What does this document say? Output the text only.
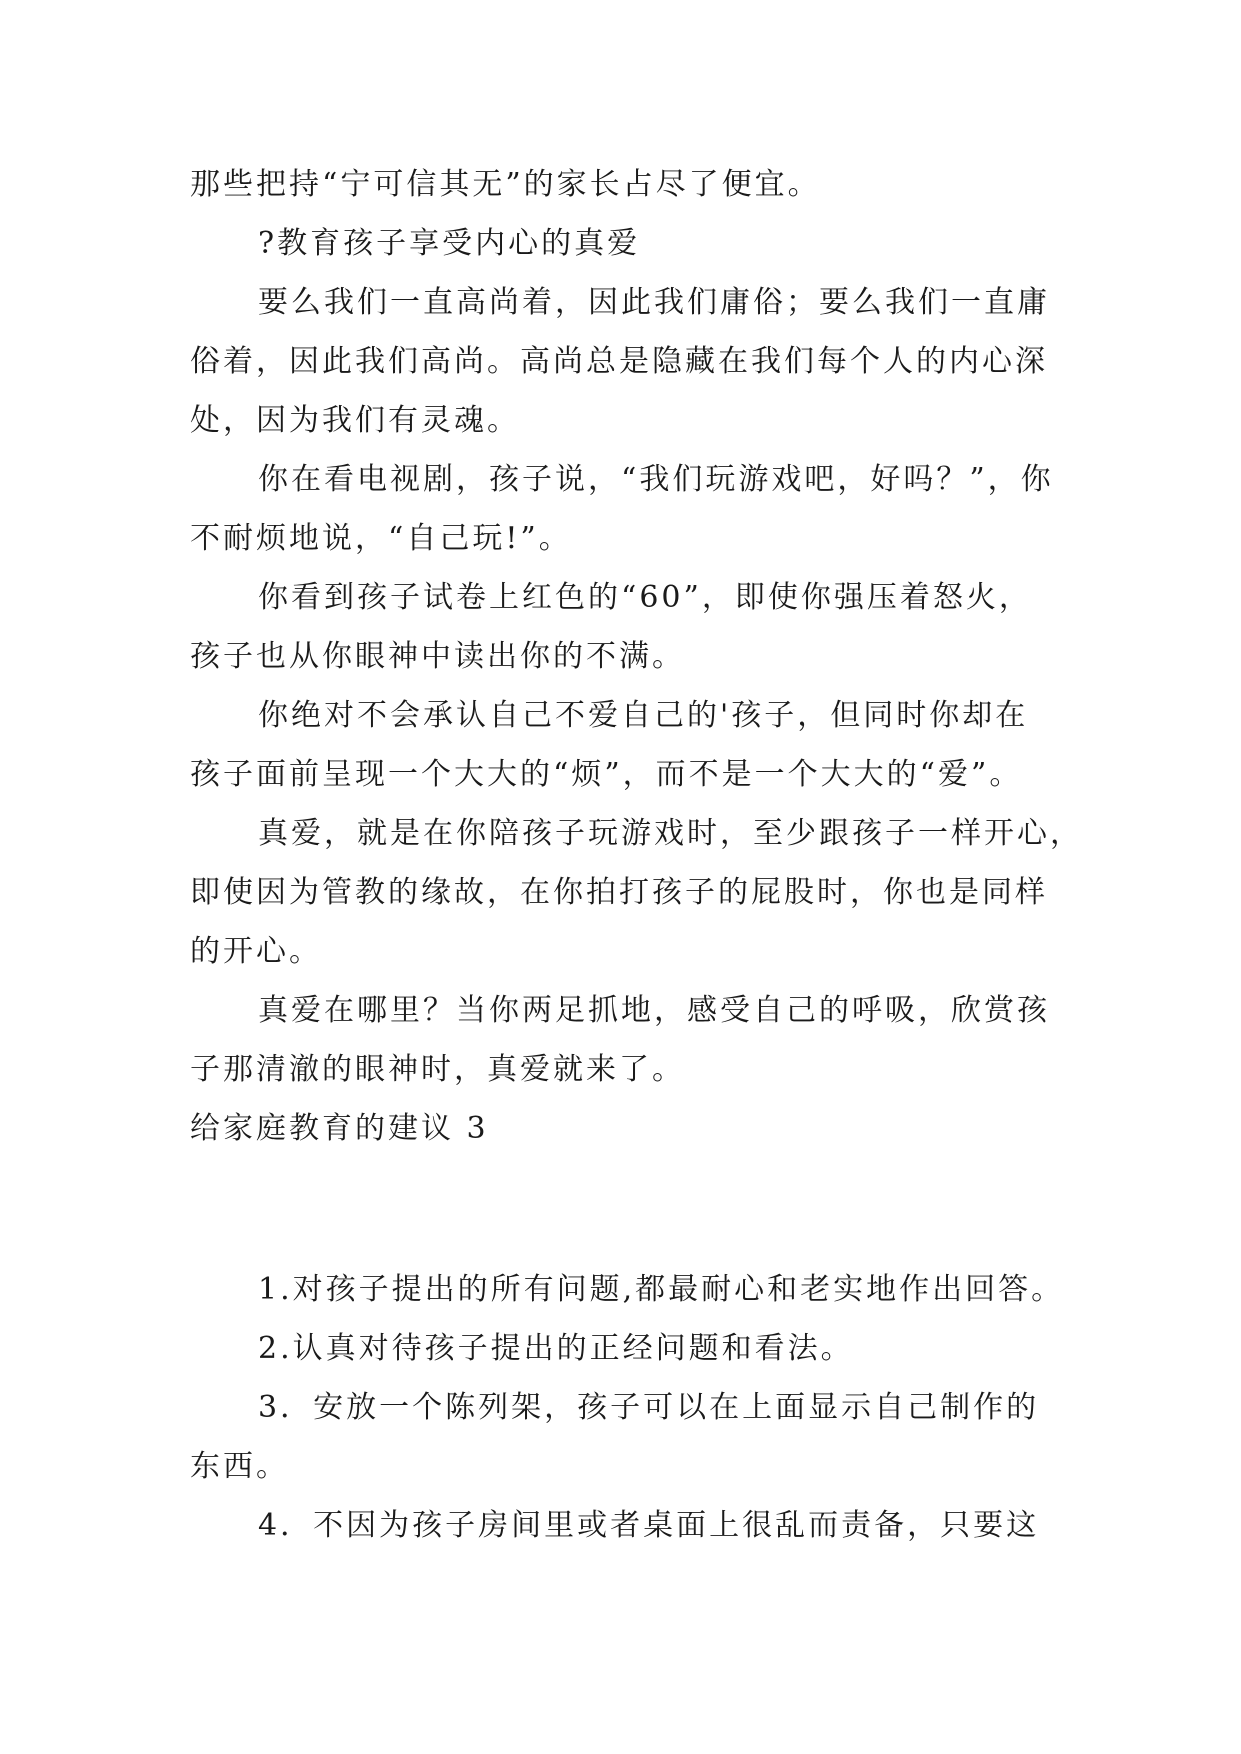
那些把持“宁可信其无”的家长占尽了便宜。
?教育孩子享受内心的真爱
要么我们一直高尚着，因此我们庸俗；要么我们一直庸
俗着，因此我们高尚。高尚总是隐藏在我们每个人的内心深
处，因为我们有灵魂。
你在看电视剧，孩子说，“我们玩游戏吧，好吗？”，你
不耐烦地说，“自己玩!”。
你看到孩子试卷上红色的“60”，即使你强压着怒火，
孩子也从你眼神中读出你的不满。
你绝对不会承认自己不爱自己的'孩子，但同时你却在
孩子面前呈现一个大大的“烦”，而不是一个大大的“爱”。
真爱，就是在你陪孩子玩游戏时，至少跟孩子一样开心，
即使因为管教的缘故，在你拍打孩子的屁股时，你也是同样
的开心。
真爱在哪里？当你两足抓地，感受自己的呼吸，欣赏孩
子那清澈的眼神时，真爱就来了。
给家庭教育的建议 3
1.对孩子提出的所有问题,都最耐心和老实地作出回答。
2.认真对待孩子提出的正经问题和看法。
3．安放一个陈列架，孩子可以在上面显示自己制作的
东西。
4．不因为孩子房间里或者桌面上很乱而责备，只要这
